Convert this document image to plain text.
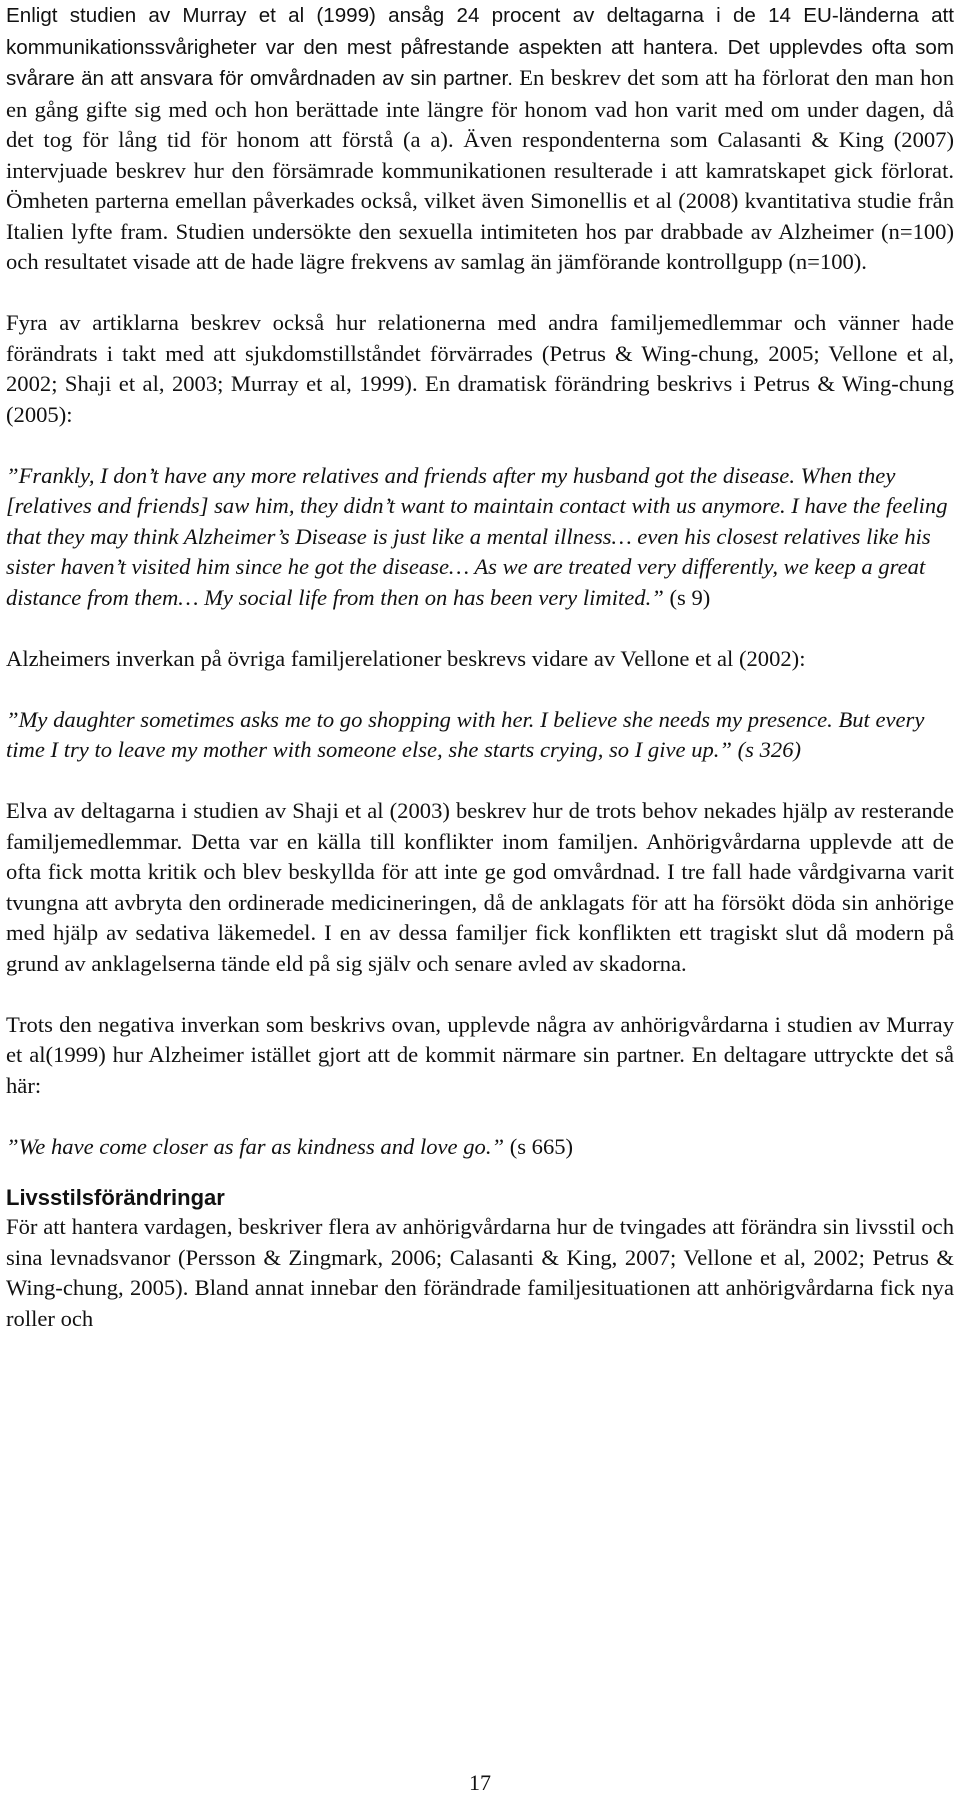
Enligt studien av Murray et al (1999) ansåg 24 procent av deltagarna i de 14 EU-länderna att kommunikationssvårigheter var den mest påfrestande aspekten att hantera. Det upplevdes ofta som svårare än att ansvara för omvårdnaden av sin partner. En beskrev det som att ha förlorat den man hon en gång gifte sig med och hon berättade inte längre för honom vad hon varit med om under dagen, då det tog för lång tid för honom att förstå (a a). Även respondenterna som Calasanti & King (2007) intervjuade beskrev hur den försämrade kommunikationen resulterade i att kamratskapet gick förlorat. Ömheten parterna emellan påverkades också, vilket även Simonellis et al (2008) kvantitativa studie från Italien lyfte fram. Studien undersökte den sexuella intimiteten hos par drabbade av Alzheimer (n=100) och resultatet visade att de hade lägre frekvens av samlag än jämförande kontrollgupp (n=100).

Fyra av artiklarna beskrev också hur relationerna med andra familjemedlemmar och vänner hade förändrats i takt med att sjukdomstillståndet förvärrades (Petrus & Wing-chung, 2005; Vellone et al, 2002; Shaji et al, 2003; Murray et al, 1999). En dramatisk förändring beskrivs i Petrus & Wing-chung (2005):

”Frankly, I don’t have any more relatives and friends after my husband got the disease. When they [relatives and friends] saw him, they didn’t want to maintain contact with us anymore. I have the feeling that they may think Alzheimer’s Disease is just like a mental illness… even his closest relatives like his sister haven’t visited him since he got the disease… As we are treated very differently, we keep a great distance from them… My social life from then on has been very limited.” (s 9)

Alzheimers inverkan på övriga familjerelationer beskrevs vidare av Vellone et al (2002):

”My daughter sometimes asks me to go shopping with her. I believe she needs my presence. But every time I try to leave my mother with someone else, she starts crying, so I give up.” (s 326)

Elva av deltagarna i studien av Shaji et al (2003) beskrev hur de trots behov nekades hjälp av resterande familjemedlemmar. Detta var en källa till konflikter inom familjen. Anhörigvårdarna upplevde att de ofta fick motta kritik och blev beskyllda för att inte ge god omvårdnad. I tre fall hade vårdgivarna varit tvungna att avbryta den ordinerade medicineringen, då de anklagats för att ha försökt döda sin anhörige med hjälp av sedativa läkemedel. I en av dessa familjer fick konflikten ett tragiskt slut då modern på grund av anklagelserna tände eld på sig själv och senare avled av skadorna.

Trots den negativa inverkan som beskrivs ovan, upplevde några av anhörigvårdarna i studien av Murray et al(1999) hur Alzheimer istället gjort att de kommit närmare sin partner. En deltagare uttryckte det så här:

”We have come closer as far as kindness and love go.” (s 665)

Livsstilsförändringar

För att hantera vardagen, beskriver flera av anhörigvårdarna hur de tvingades att förändra sin livsstil och sina levnadsvanor (Persson & Zingmark, 2006; Calasanti & King, 2007; Vellone et al, 2002; Petrus & Wing-chung, 2005). Bland annat innebar den förändrade familjesituationen att anhörigvårdarna fick nya roller och

17
